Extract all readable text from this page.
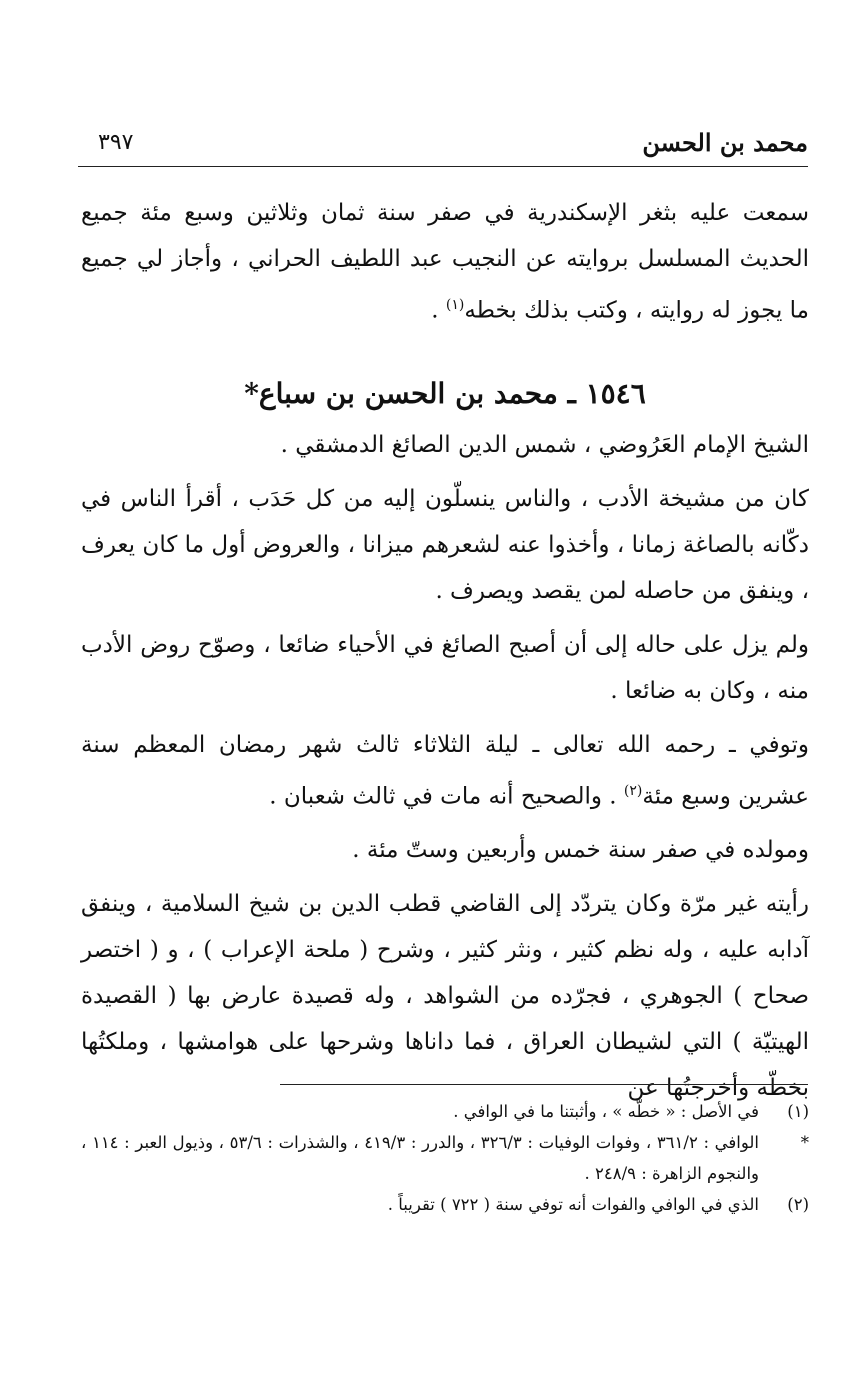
محمد بن الحسن
٣٩٧

سمعت عليه بثغر الإسكندرية في صفر سنة ثمان وثلاثين وسبع مئة جميع الحديث المسلسل بروايته عن النجيب عبد اللطيف الحراني ، وأجاز لي جميع ما يجوز له روايته ، وكتب بذلك بخطه$^{(١)}$ .

١٥٤٦ ـ محمد بن الحسن بن سباع*

الشيخ الإمام العَرُوضي ، شمس الدين الصائغ الدمشقي .

كان من مشيخة الأدب ، والناس ينسلّون إليه من كل حَدَب ، أقرأ الناس في دكّانه بالصاغة زمانا ، وأخذوا عنه لشعرهم ميزانا ، والعروض أول ما كان يعرف ، وينفق من حاصله لمن يقصد ويصرف .

ولم يزل على حاله إلى أن أصبح الصائغ في الأحياء ضائعا ، وصوّح روض الأدب منه ، وكان به ضائعا .

وتوفي ـ رحمه الله تعالى ـ ليلة الثلاثاء ثالث شهر رمضان المعظم سنة عشرين وسبع مئة$^{(٢)}$ . والصحيح أنه مات في ثالث شعبان .

ومولده في صفر سنة خمس وأربعين وستّ مئة .

رأيته غير مرّة وكان يتردّد إلى القاضي قطب الدين بن شيخ السلامية ، وينفق آدابه عليه ، وله نظم كثير ، ونثر كثير ، وشرح ( ملحة الإعراب ) ، و ( اختصر صحاح ) الجوهري ، فجرّده من الشواهد ، وله قصيدة عارض بها ( القصيدة الهيتيّة ) التي لشيطان العراق ، فما داناها وشرحها على هوامشها ، وملكتُها بخطّه وأخرجتُها عن

(١)
في الأصل : « خطّه » ، وأثبتنا ما في الوافي .
*
الوافي : ٣٦١/٢ ، وفوات الوفيات : ٣٢٦/٣ ، والدرر : ٤١٩/٣ ، والشذرات : ٥٣/٦ ، وذيول العبر : ١١٤ ، والنجوم الزاهرة : ٢٤٨/٩ .
(٢)
الذي في الوافي والفوات أنه توفي سنة ( ٧٢٢ ) تقريباً .
